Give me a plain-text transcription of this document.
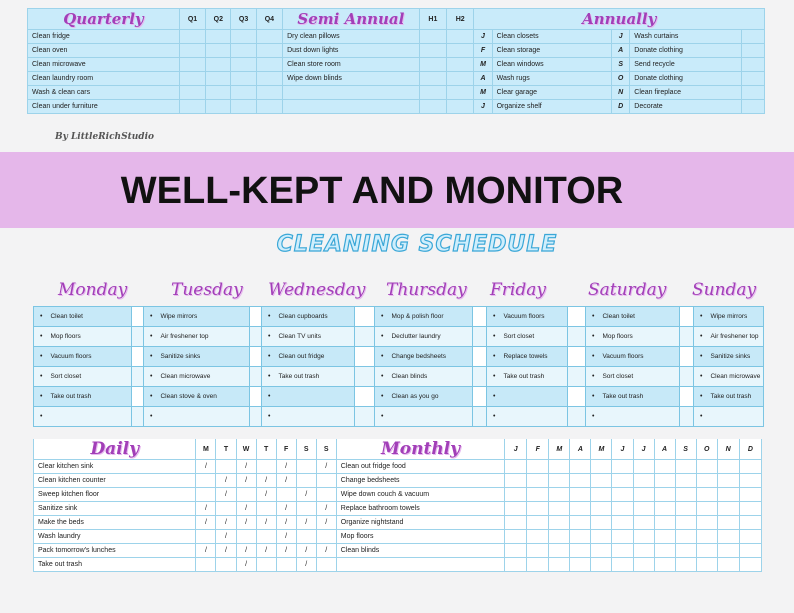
Quarterly	Q1	Q2	Q3	Q4	Semi Annual	H1	H2	Annually				
Clean fridge					Dry clean pillows			J	Clean closets	J	Wash curtains	
Clean oven					Dust down lights			F	Clean storage	A	Donate clothing	
Clean microwave					Clean store room			M	Clean windows	S	Send recycle	
Clean laundry room					Wipe down blinds			A	Wash rugs	O	Donate clothing	
Wash & clean cars								M	Clear garage	N	Clean fireplace	
Clean under furniture								J	Organize shelf	D	Decorate	
By LittleRichStudio
WELL-KEPT AND MONITOR
CLEANING SCHEDULE
Monday	Tuesday Wednesday Thursday Friday Saturday Sunday
• Clean toilet		• Wipe mirrors		• Clean cupboards		• Mop & polish floor		• Vacuum floors		• Clean toilet		• Wipe mirrors
• Mop floors		• Air freshener top		• Clean TV units		• Declutter laundry		• Sort closet		• Mop floors		• Air freshener top
• Vacuum floors		• Sanitize sinks		• Clean out fridge		• Change bedsheets		• Replace towels		• Vacuum floors		• Sanitize sinks
• Sort closet		• Clean microwave		• Take out trash		• Clean blinds		• Take out trash		• Sort closet		• Clean microwave
• Take out trash		• Clean stove & oven		•		• Clean as you go		•		• Take out trash		• Take out trash
•		•		•		•		•		•		•
Daily	M	T	W	T	F	S	S	Monthly	J	F	M	A	M	J	J	A	S	O	N	D
Clear kitchen sink	/		/		/		/	Clean out fridge food												
Clean kitchen counter		/	/	/	/			Change bedsheets												
Sweep kitchen floor		/		/		/		Wipe down couch & vacuum												
Sanitize sink	/		/		/		/	Replace bathroom towels												
Make the beds	/	/	/	/	/	/	/	Organize nightstand												
Wash laundry		/			/			Mop floors												
Pack tomorrow's lunches	/	/	/	/	/	/	/	Clean blinds												
Take out trash			/			/														
